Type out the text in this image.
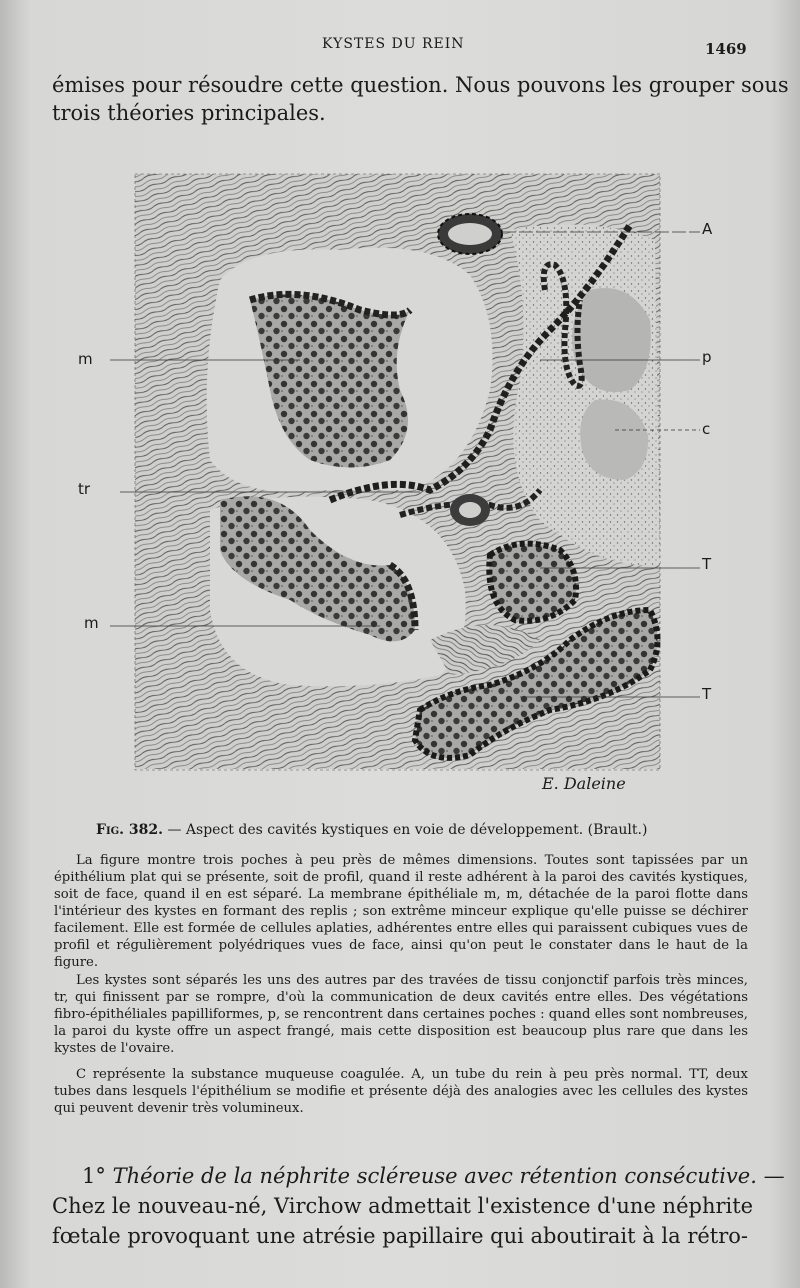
KYSTES DU REIN	1469
émises pour résoudre cette question. Nous pouvons les grouper sous
trois théories principales.
A
p
c
m
tr
T
m
T
E. Daleine
Fig. 382. — Aspect des cavités kystiques en voie de développement. (Brault.)
La figure montre trois poches à peu près de mêmes dimensions. Toutes sont tapissées par un épithélium plat qui se présente, soit de profil, quand il reste adhérent à la paroi des cavités kystiques, soit de face, quand il en est séparé. La membrane épithéliale m, m, détachée de la paroi flotte dans l'intérieur des kystes en formant des replis ; son extrême minceur explique qu'elle puisse se déchirer facilement. Elle est formée de cellules aplaties, adhérentes entre elles qui paraissent cubiques vues de profil et régulièrement polyédriques vues de face, ainsi qu'on peut le constater dans le haut de la figure.
Les kystes sont séparés les uns des autres par des travées de tissu conjonctif parfois très minces, tr, qui finissent par se rompre, d'où la communication de deux cavités entre elles. Des végétations fibro-épithéliales papilliformes, p, se rencontrent dans certaines poches : quand elles sont nombreuses, la paroi du kyste offre un aspect frangé, mais cette disposition est beaucoup plus rare que dans les kystes de l'ovaire.
C représente la substance muqueuse coagulée. A, un tube du rein à peu près normal. TT, deux tubes dans lesquels l'épithélium se modifie et présente déjà des analogies avec les cellules des kystes qui peuvent devenir très volumineux.
1° Théorie de la néphrite scléreuse avec rétention consécutive. —
Chez le nouveau-né, Virchow admettait l'existence d'une néphrite
fœtale provoquant une atrésie papillaire qui aboutirait à la rétro-
